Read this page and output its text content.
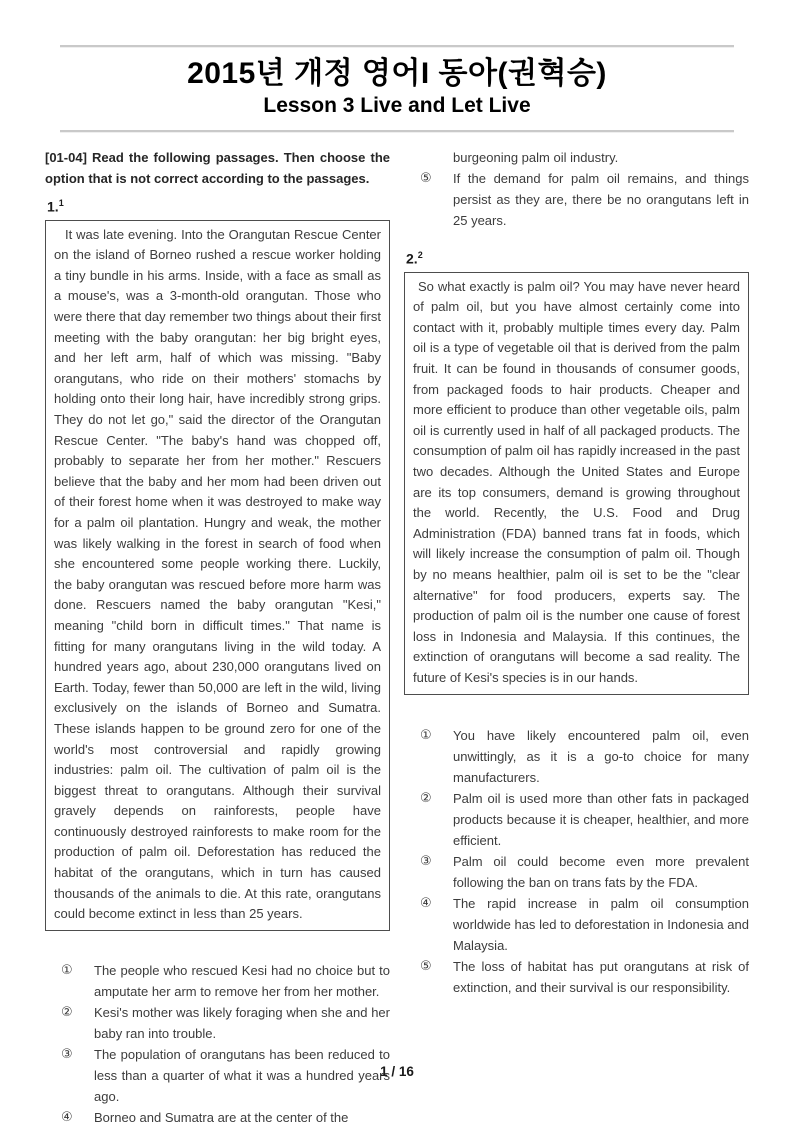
2015년 개정 영어I 동아(권혁승)
Lesson 3 Live and Let Live

[01-04] Read the following passages. Then choose the option that is not correct according to the passages.

1.$^1$

It was late evening. Into the Orangutan Rescue Center on the island of Borneo rushed a rescue worker holding a tiny bundle in his arms. Inside, with a face as small as a mouse's, was a 3-month-old orangutan. Those who were there that day remember two things about their first meeting with the baby orangutan: her big bright eyes, and her left arm, half of which was missing. "Baby orangutans, who ride on their mothers' stomachs by holding onto their long hair, have incredibly strong grips. They do not let go," said the director of the Orangutan Rescue Center. "The baby's hand was chopped off, probably to separate her from her mother." Rescuers believe that the baby and her mom had been driven out of their forest home when it was destroyed to make way for a palm oil plantation. Hungry and weak, the mother was likely walking in the forest in search of food when she encountered some people working there. Luckily, the baby orangutan was rescued before more harm was done. Rescuers named the baby orangutan "Kesi," meaning "child born in difficult times." That name is fitting for many orangutans living in the wild today. A hundred years ago, about 230,000 orangutans lived on Earth. Today, fewer than 50,000 are left in the wild, living exclusively on the islands of Borneo and Sumatra. These islands happen to be ground zero for one of the world's most controversial and rapidly growing industries: palm oil. The cultivation of palm oil is the biggest threat to orangutans. Although their survival gravely depends on rainforests, people have continuously destroyed rainforests to make room for the production of palm oil. Deforestation has reduced the habitat of the orangutans, which in turn has caused thousands of the animals to die. At this rate, orangutans could become extinct in less than 25 years.

①	The people who rescued Kesi had no choice but to amputate her arm to remove her from her mother.
②	Kesi's mother was likely foraging when she and her baby ran into trouble.
③	The population of orangutans has been reduced to less than a quarter of what it was a hundred years ago.
④	Borneo and Sumatra are at the center of the
burgeoning palm oil industry.
⑤	If the demand for palm oil remains, and things persist as they are, there be no orangutans left in 25 years.
2.$^2$

So what exactly is palm oil? You may have never heard of palm oil, but you have almost certainly come into contact with it, probably multiple times every day. Palm oil is a type of vegetable oil that is derived from the palm fruit. It can be found in thousands of consumer goods, from packaged foods to hair products. Cheaper and more efficient to produce than other vegetable oils, palm oil is currently used in half of all packaged products. The consumption of palm oil has rapidly increased in the past two decades. Although the United States and Europe are its top consumers, demand is growing throughout the world. Recently, the U.S. Food and Drug Administration (FDA) banned trans fat in foods, which will likely increase the consumption of palm oil. Though by no means healthier, palm oil is set to be the "clear alternative" for food producers, experts say. The production of palm oil is the number one cause of forest loss in Indonesia and Malaysia. If this continues, the extinction of orangutans will become a sad reality. The future of Kesi's species is in our hands.

①	You have likely encountered palm oil, even unwittingly, as it is a go-to choice for many manufacturers.
②	Palm oil is used more than other fats in packaged products because it is cheaper, healthier, and more efficient.
③	Palm oil could become even more prevalent following the ban on trans fats by the FDA.
④	The rapid increase in palm oil consumption worldwide has led to deforestation in Indonesia and Malaysia.
⑤	The loss of habitat has put orangutans at risk of extinction, and their survival is our responsibility.
1 / 16
